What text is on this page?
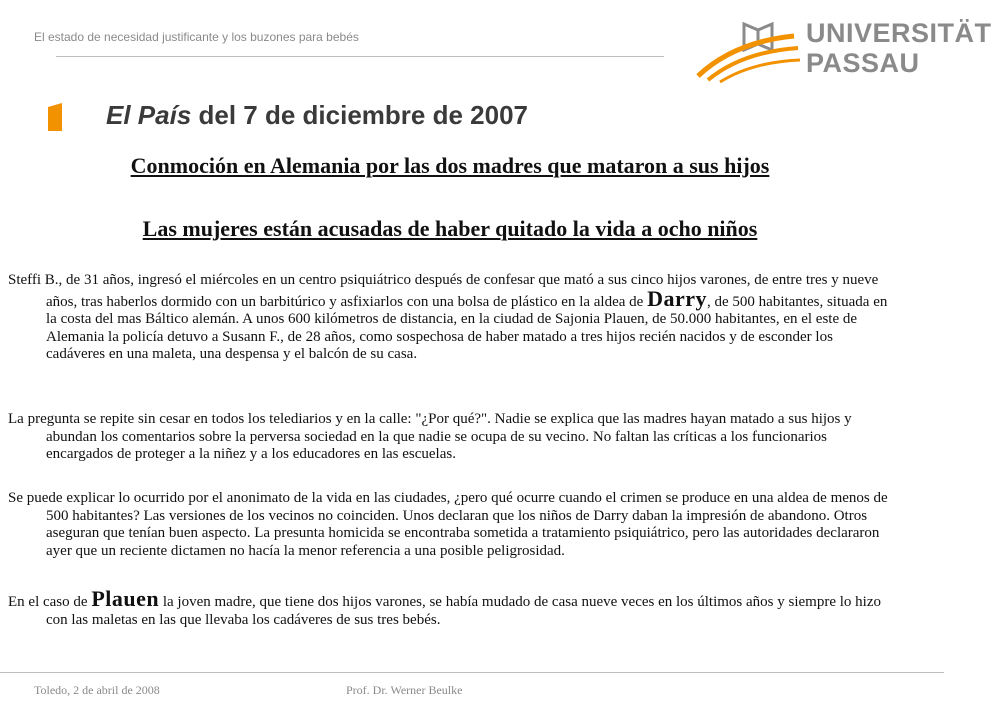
El estado de necesidad justificante y los buzones para bebés	UNIVERSITÄT
PASSAU
El País del 7 de diciembre de 2007
Conmoción en Alemania por las dos madres que mataron a sus hijos
Las mujeres están acusadas de haber quitado la vida a ocho niños
Steffi B., de 31 años, ingresó el miércoles en un centro psiquiátrico después de confesar que mató a sus cinco hijos varones, de entre tres y nueve años, tras haberlos dormido con un barbitúrico y asfixiarlos con una bolsa de plástico en la aldea de Darry, de 500 habitantes, situada en la costa del mas Báltico alemán. A unos 600 kilómetros de distancia, en la ciudad de Sajonia Plauen, de 50.000 habitantes, en el este de Alemania la policía detuvo a Susann F., de 28 años, como sospechosa de haber matado a tres hijos recién nacidos y de esconder los cadáveres en una maleta, una despensa y el balcón de su casa.
La pregunta se repite sin cesar en todos los telediarios y en la calle: "¿Por qué?". Nadie se explica que las madres hayan matado a sus hijos y abundan los comentarios sobre la perversa sociedad en la que nadie se ocupa de su vecino. No faltan las críticas a los funcionarios encargados de proteger a la niñez y a los educadores en las escuelas.
Se puede explicar lo ocurrido por el anonimato de la vida en las ciudades, ¿pero qué ocurre cuando el crimen se produce en una aldea de menos de 500 habitantes? Las versiones de los vecinos no coinciden. Unos declaran que los niños de Darry daban la impresión de abandono. Otros aseguran que tenían buen aspecto. La presunta homicida se encontraba sometida a tratamiento psiquiátrico, pero las autoridades declararon ayer que un reciente dictamen no hacía la menor referencia a una posible peligrosidad.
En el caso de Plauen la joven madre, que tiene dos hijos varones, se había mudado de casa nueve veces en los últimos años y siempre lo hizo con las maletas en las que llevaba los cadáveres de sus tres bebés.
Toledo, 2 de abril de 2008	Prof. Dr. Werner Beulke
